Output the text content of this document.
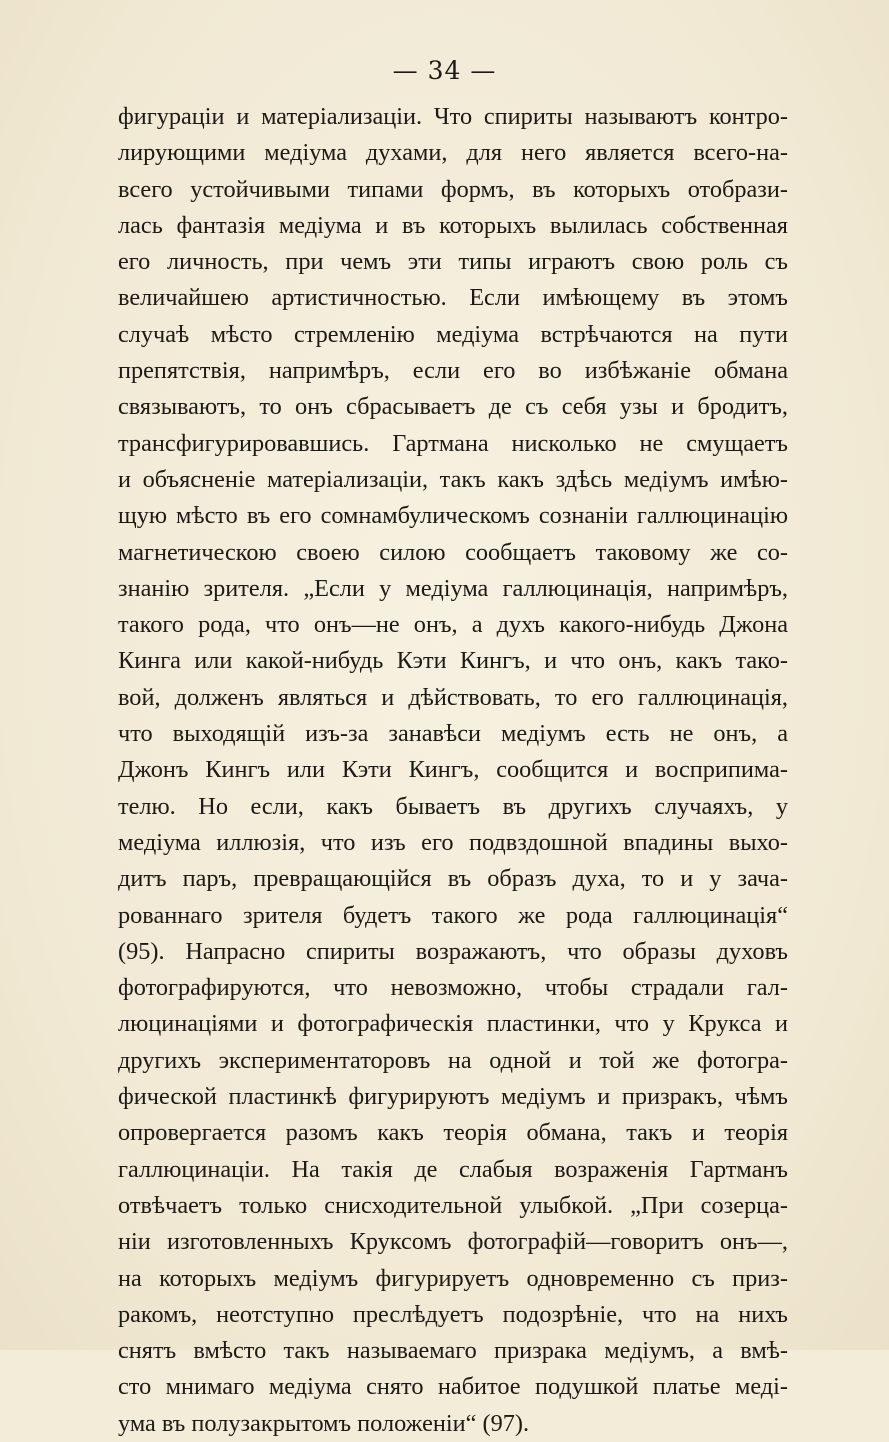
— 34 —
фигураціи и матеріализаціи. Что спириты называютъ контро-
лирующими медіума духами, для него является всего-на-
всего устойчивыми типами формъ, въ которыхъ отобрази-
лась фантазія медіума и въ которыхъ вылилась собственная
его личность, при чемъ эти типы играютъ свою роль съ
величайшею артистичностью. Если имѣющему въ этомъ
случаѣ мѣсто стремленію медіума встрѣчаются на пути
препятствія, напримѣръ, если его во избѣжаніе обмана
связываютъ, то онъ сбрасываетъ де съ себя узы и бродитъ,
трансфигурировавшись. Гартмана нисколько не смущаетъ
и объясненіе матеріализаціи, такъ какъ здѣсь медіумъ имѣю-
щую мѣсто въ его сомнамбулическомъ сознаніи галлюцинацію
магнетическою своею силою сообщаетъ таковому же со-
знанію зрителя. „Если у медіума галлюцинація, напримѣръ,
такого рода, что онъ—не онъ, а духъ какого-нибудь Джона
Кинга или какой-нибудь Кэти Кингъ, и что онъ, какъ тако-
вой, долженъ являться и дѣйствовать, то его галлюцинація,
что выходящій изъ-за занавѣси медіумъ есть не онъ, а
Джонъ Кингъ или Кэти Кингъ, сообщится и восприпима-
телю. Но если, какъ бываетъ въ другихъ случаяхъ, у
медіума иллюзія, что изъ его подвздошной впадины выхо-
дитъ паръ, превращающійся въ образъ духа, то и у зача-
рованнаго зрителя будетъ такого же рода галлюцинація“
(95). Напрасно спириты возражаютъ, что образы духовъ
фотографируются, что невозможно, чтобы страдали гал-
люцинаціями и фотографическія пластинки, что у Крукса и
другихъ экспериментаторовъ на одной и той же фотогра-
фической пластинкѣ фигурируютъ медіумъ и призракъ, чѣмъ
опровергается разомъ какъ теорія обмана, такъ и теорія
галлюцинаціи. На такія де слабыя возраженія Гартманъ
отвѣчаетъ только снисходительной улыбкой. „При созерца-
ніи изготовленныхъ Круксомъ фотографій—говоритъ онъ—,
на которыхъ медіумъ фигурируетъ одновременно съ приз-
ракомъ, неотступно преслѣдуетъ подозрѣніе, что на нихъ
снятъ вмѣсто такъ называемаго призрака медіумъ, а вмѣ-
сто мнимаго медіума снято набитое подушкой платье меді-
ума въ полузакрытомъ положеніи“ (97).
